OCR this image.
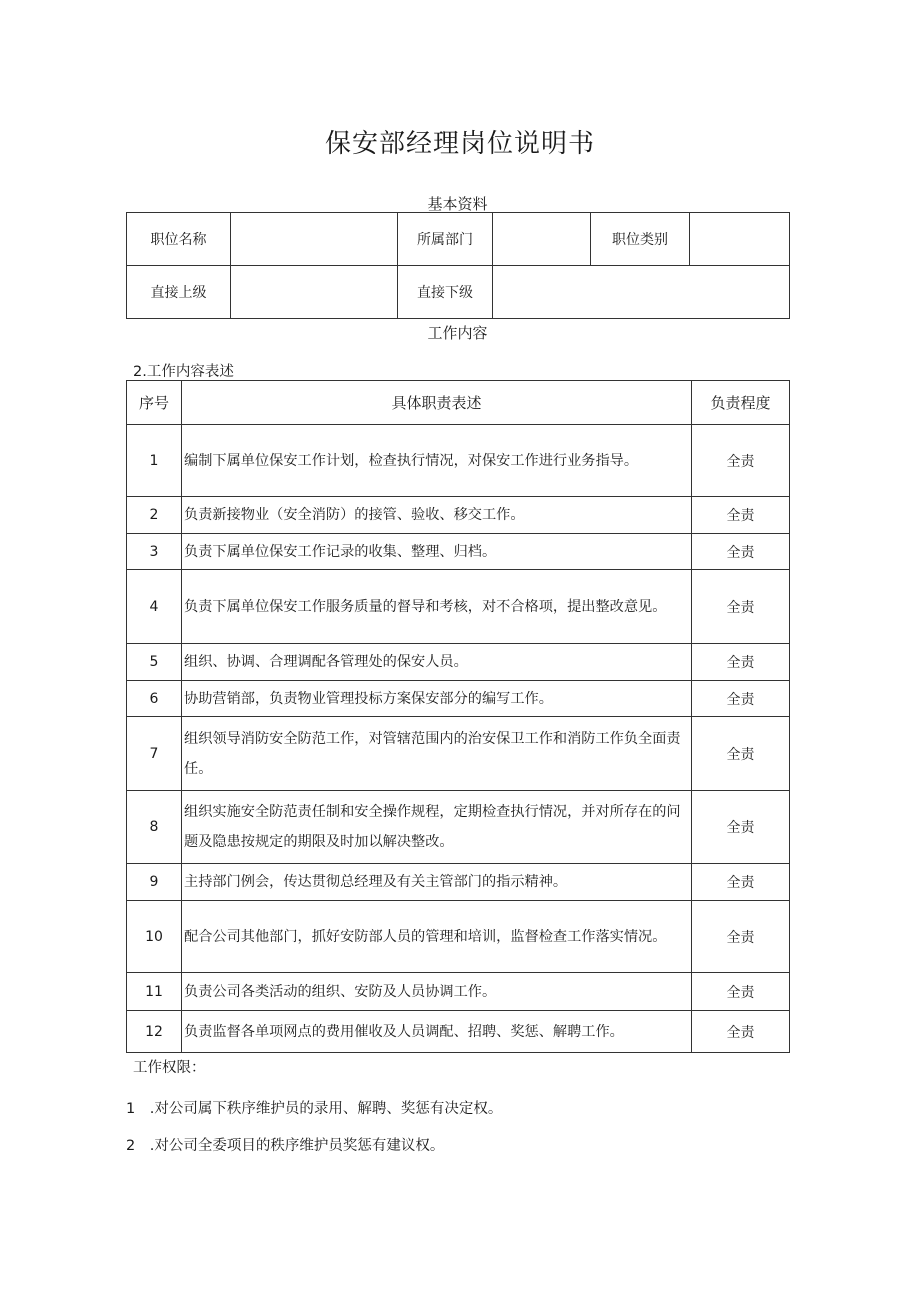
保安部经理岗位说明书
基本资料
职位名称		所属部门		职位类别	
直接上级		直接下级			
工作内容
2.工作内容表述
序号	具体职责表述	负责程度
1	编制下属单位保安工作计划，检查执行情况，对保安工作进行业务指导。	全责
2	负责新接物业（安全消防）的接管、验收、移交工作。	全责
3	负责下属单位保安工作记录的收集、整理、归档。	全责
4	负责下属单位保安工作服务质量的督导和考核，对不合格项，提出整改意见。	全责
5	组织、协调、合理调配各管理处的保安人员。	全责
6	协助营销部，负责物业管理投标方案保安部分的编写工作。	全责
7	组织领导消防安全防范工作，对管辖范围内的治安保卫工作和消防工作负全面责任。	全责
8	组织实施安全防范责任制和安全操作规程，定期检查执行情况，并对所存在的问题及隐患按规定的期限及时加以解决整改。	全责
9	主持部门例会，传达贯彻总经理及有关主管部门的指示精神。	全责
10	配合公司其他部门，抓好安防部人员的管理和培训，监督检查工作落实情况。	全责
11	负责公司各类活动的组织、安防及人员协调工作。	全责
12	负责监督各单项网点的费用催收及人员调配、招聘、奖惩、解聘工作。	全责
工作权限：
1　.对公司属下秩序维护员的录用、解聘、奖惩有决定权。
2　.对公司全委项目的秩序维护员奖惩有建议权。
